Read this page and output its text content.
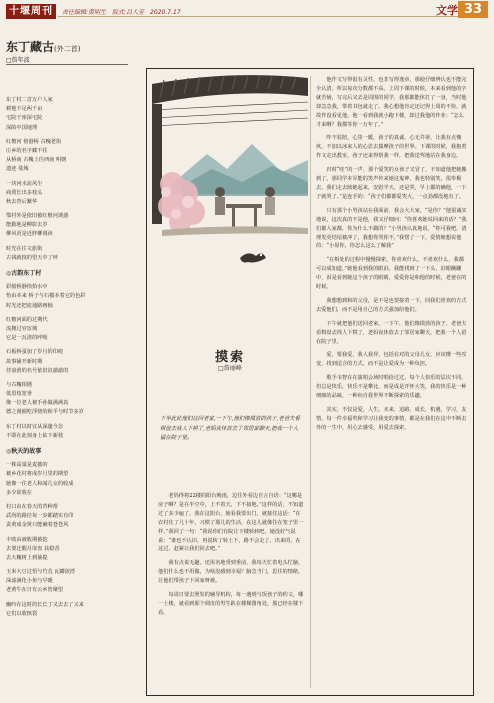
十堰周刊	责任编辑:黄明生　版式:吕大芳　2020.7.17	文学 33
东丁藏古(外二首)
□詹年波
东丁村二首万户人家
耕地不足两千亩
宅院千座深宅院
深陷中国地理
红檐河 傍港桥 古槐老街
庄乡的名字藏不住
从桥南 古槐上往西南 明朝
遗迹 曼城
一块河水流风尘
商贾长出多枝头
秋去背后繁华
鄂村外是依旧被红檐河诱惑
能勤地是柳影去岁
柳风更是近胖柳调读
时光在往文旅街
古钱就枝的望天中了呼
◎古韵东丁村
彩船桥静拾拾水中
怡由本来 桥子与石榴本着它的色彩
时光还把流通路画轴
红檐河面的过期代
流拥过官宦城
它是一瓦清的呼吸
石板桥蚕加了岁月的印痕
故事铺开新时期
佳浪滑的名号依旧渲澈澈的
与古槐相遇
低眉枝宽垂
像一位老人被手孙做满满真
德之漫圈吃浮烧的和平与时节多岁
东丁村以时宜从深邃今念
不即在此刻身上钻下新枝
◎秋天的故事
一株高粱是麦披的
被乡花村将成岁月里的期望
她像一住老人和闻几女的收成
多少欲收在
村口由在春天的背种帮
武尚的路径每一步都踏实有印
责黄成金黄只能确着苍苍风
丰收由被收期被挖
去要迁醒月扉盘 扶稳香
去大槐树上到抽提
玉米大豆过悟与竹苴 瓦罐欲湮
深滤满化小鱼与早暖
老黄牛在日有云乡皆聚望
幽吟在这时的长长丁又去去了又来
它们以收核裂
摸索
□詹丽峰
下半此此他们这回老家,一下午,他们像摸放的孩子,老爸夫看棋盘去我人下棋了,老妈夜休放去了邻居家聊天,把我一个人留在院子里。

老妈得将22楼的阳台晚雨，边往外看边自言自语：“这哪是房子啊？是在半空中，上不着天，下不接地。”这样的话，不知道过了多少遍了，我在这阳台，她看我要出门，就接住这话：“在农村住了几十年，习惯了那儿的生活，在这儿就像住在笼子里一样。”我回了一句：“我说你们有院让下楼转转吧，她没好气说说：“谁也不认识，再说转了转上下，路不会走了，出来的，在这过，赶紧让我们回去吧。”

我有点说无趣，还需名地垂到垂前，我每天忙着电头忙脑，他们什么也不用做，为啥没感到幸福？脑急当门，思往的情绪，让他们带孩子下回家呀被。

每周日要去照发的辅导机构，每一遇到与饭孩子的约文，哪一上楼，就看到那个调皮的男生趴在楼梯图角处，那已经在楼下看。

他作文写得很有灵性，也非写得逸章，那使仔细辨认也不能完全认清，所以每次分数都不高。上周下课的时候，本来看到他的字就苦恼，写完后又去是周围的同学，我那都能休打了一身，当时他却急急我，带着书包就走了。我心想他肯定还记得上周的不快，就故作没看见他。他一看到我就小跑下楼，却过我他的作业：“怎么才来啊？我都等你一万年了。”

咋不装陪，心里一暖，孩子的真诚，心无芥蒂，让我有点愧疚，不加以冰来人的心思去揣摩孩子的世界。下课的时候，我抱着作文走出教室，孩子还来得帮我一样，把我送驾地站在我身边。

归时“哇”的一声，那个爱笑的女孩子又冒了，不知道他把她搬到了，那同学本军能的笑声传来她这鬼神，我也特别笑，很奉极去。我们走去续她起来，安慰半天，还是哭，早上都的确他，一下子就哭了。”是连手的：“孩子们都都爱笑大，一点劲都没地有了。

只有那个小男孩站在我面前，我会大大家，“是你？”他很诚实地说，这次真的不是他，我又仔细问：“你喜欢她说回来的话？”我们都人家都，你为什么不做的？”小男孩认真地说，“你可我吧，清理发更结尾被冲了，我想你哭你不，”我愣了一下，爱情她想说他的：“小屋你，你怎么这么了解我”

“在相处的过程中慢慢探索，你喜欢什么，不喜欢什么，我都可以成知道，”她他看到我的眼泪，我能找到了一下头，泪眼蹒跚中，泪是看到她这个孩子的眼睛，爱爱你是和他的时候，老爸在的时候。

我想想到和的父母，是不是也要接着一下，同我们喜欢的方式去爱他们，而不是用自己的方式强加给他们。

下午就把他们送回老家，一下午，他们像摸放的孩子，老爸夫看棋盘去找人下棋了，老妈夜休放去了邻居家聊天，把我一个人留在院子里。

爱，要我爱，我人我异，包括在对的父母儿女，应该懂一些攻变，找到适合的方式，而不是让爱成为一种负担。

歌手韦智在在演唱会场时唱给过过，每个人快乐的层次不同，但总是快乐，快乐不是攀比，而是成是开怀大笑，我的快乐是一种细细的品味，一种向自我世界不断探索的乐趣。

其实，不仅是爱，人生，未来，追路，成长，机遇，学习，友情，每一件幸福奖和学习让我变的事情，都是在我们在这中不断去外的一生中，用心去感受，用爱去探索。
